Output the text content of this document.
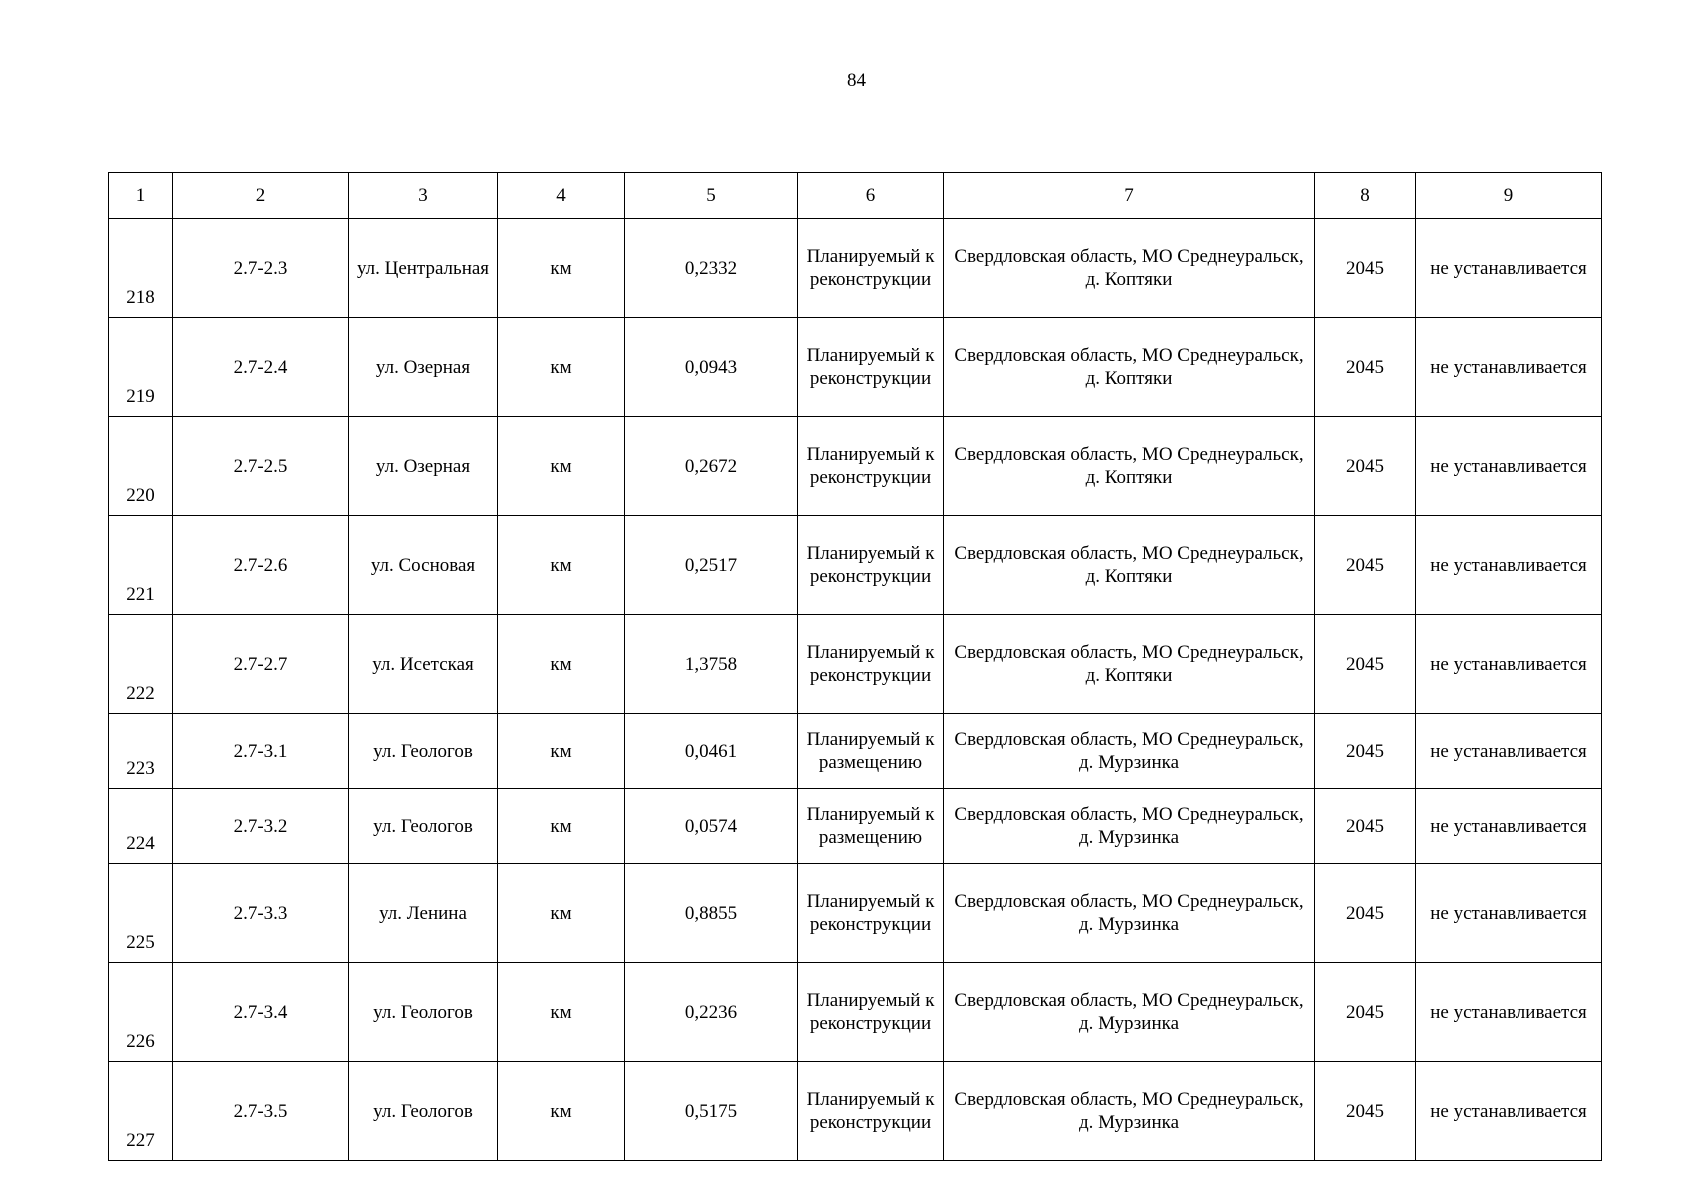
84
1	2	3	4	5	6	7	8	9
218	2.7-2.3	ул. Центральная	км	0,2332	Планируемый к реконструкции	Свердловская область, МО Среднеуральск, д. Коптяки	2045	не устанавливается
219	2.7-2.4	ул. Озерная	км	0,0943	Планируемый к реконструкции	Свердловская область, МО Среднеуральск, д. Коптяки	2045	не устанавливается
220	2.7-2.5	ул. Озерная	км	0,2672	Планируемый к реконструкции	Свердловская область, МО Среднеуральск, д. Коптяки	2045	не устанавливается
221	2.7-2.6	ул. Сосновая	км	0,2517	Планируемый к реконструкции	Свердловская область, МО Среднеуральск, д. Коптяки	2045	не устанавливается
222	2.7-2.7	ул. Исетская	км	1,3758	Планируемый к реконструкции	Свердловская область, МО Среднеуральск, д. Коптяки	2045	не устанавливается
223	2.7-3.1	ул. Геологов	км	0,0461	Планируемый к размещению	Свердловская область, МО Среднеуральск, д. Мурзинка	2045	не устанавливается
224	2.7-3.2	ул. Геологов	км	0,0574	Планируемый к размещению	Свердловская область, МО Среднеуральск, д. Мурзинка	2045	не устанавливается
225	2.7-3.3	ул. Ленина	км	0,8855	Планируемый к реконструкции	Свердловская область, МО Среднеуральск, д. Мурзинка	2045	не устанавливается
226	2.7-3.4	ул. Геологов	км	0,2236	Планируемый к реконструкции	Свердловская область, МО Среднеуральск, д. Мурзинка	2045	не устанавливается
227	2.7-3.5	ул. Геологов	км	0,5175	Планируемый к реконструкции	Свердловская область, МО Среднеуральск, д. Мурзинка	2045	не устанавливается
